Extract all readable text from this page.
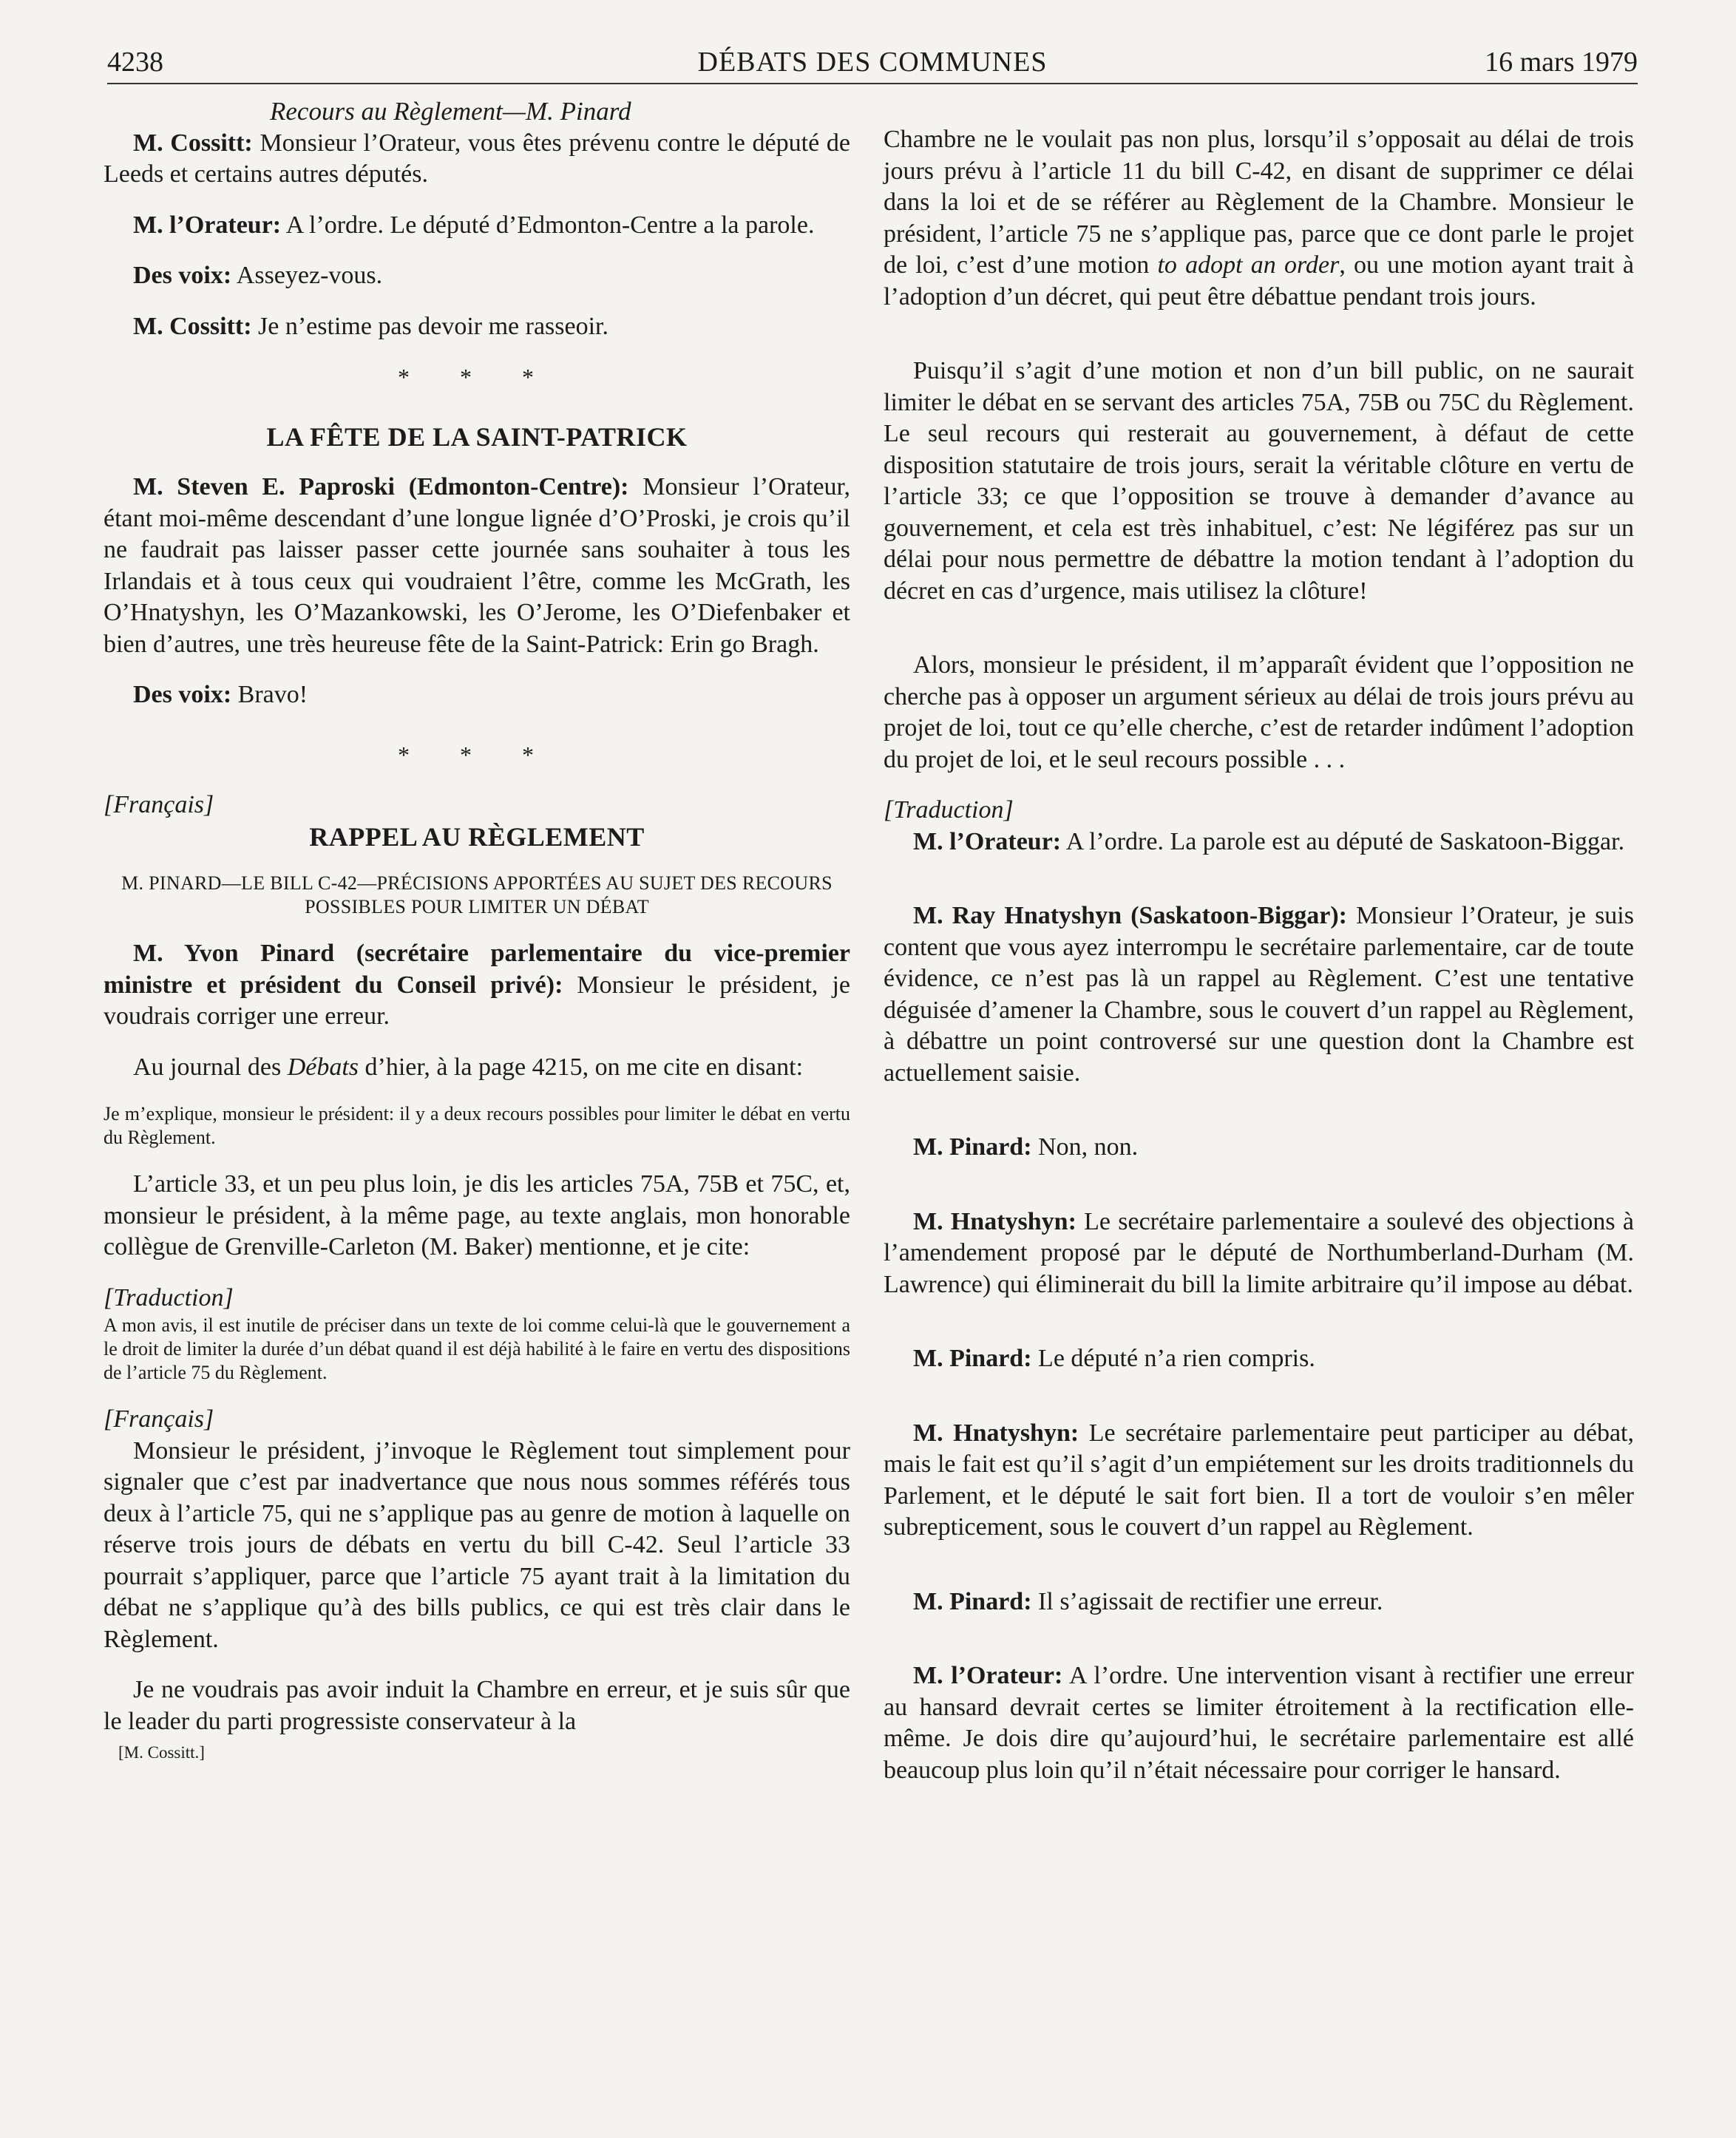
4238	DÉBATS DES COMMUNES	16 mars 1979

Recours au Règlement—M. Pinard

M. Cossitt: Monsieur l’Orateur, vous êtes prévenu contre le député de Leeds et certains autres députés.

M. l’Orateur: A l’ordre. Le député d’Edmonton-Centre a la parole.

Des voix: Asseyez-vous.

M. Cossitt: Je n’estime pas devoir me rasseoir.

* * *

LA FÊTE DE LA SAINT-PATRICK

M. Steven E. Paproski (Edmonton-Centre): Monsieur l’Orateur, étant moi-même descendant d’une longue lignée d’O’Proski, je crois qu’il ne faudrait pas laisser passer cette journée sans souhaiter à tous les Irlandais et à tous ceux qui voudraient l’être, comme les McGrath, les O’Hnatyshyn, les O’Mazankowski, les O’Jerome, les O’Diefenbaker et bien d’autres, une très heureuse fête de la Saint-Patrick: Erin go Bragh.

Des voix: Bravo!

* * *

[Français]

RAPPEL AU RÈGLEMENT

M. PINARD—LE BILL C-42—PRÉCISIONS APPORTÉES AU SUJET DES RECOURS POSSIBLES POUR LIMITER UN DÉBAT

M. Yvon Pinard (secrétaire parlementaire du vice-premier ministre et président du Conseil privé): Monsieur le président, je voudrais corriger une erreur.

Au journal des Débats d’hier, à la page 4215, on me cite en disant:

Je m’explique, monsieur le président: il y a deux recours possibles pour limiter le débat en vertu du Règlement.

L’article 33, et un peu plus loin, je dis les articles 75A, 75B et 75C, et, monsieur le président, à la même page, au texte anglais, mon honorable collègue de Grenville-Carleton (M. Baker) mentionne, et je cite:

[Traduction]

A mon avis, il est inutile de préciser dans un texte de loi comme celui-là que le gouvernement a le droit de limiter la durée d’un débat quand il est déjà habilité à le faire en vertu des dispositions de l’article 75 du Règlement.

[Français]

Monsieur le président, j’invoque le Règlement tout simplement pour signaler que c’est par inadvertance que nous nous sommes référés tous deux à l’article 75, qui ne s’applique pas au genre de motion à laquelle on réserve trois jours de débats en vertu du bill C-42. Seul l’article 33 pourrait s’appliquer, parce que l’article 75 ayant trait à la limitation du débat ne s’applique qu’à des bills publics, ce qui est très clair dans le Règlement.

Je ne voudrais pas avoir induit la Chambre en erreur, et je suis sûr que le leader du parti progressiste conservateur à la

[M. Cossitt.]

Chambre ne le voulait pas non plus, lorsqu’il s’opposait au délai de trois jours prévu à l’article 11 du bill C-42, en disant de supprimer ce délai dans la loi et de se référer au Règlement de la Chambre. Monsieur le président, l’article 75 ne s’applique pas, parce que ce dont parle le projet de loi, c’est d’une motion to adopt an order, ou une motion ayant trait à l’adoption d’un décret, qui peut être débattue pendant trois jours.

Puisqu’il s’agit d’une motion et non d’un bill public, on ne saurait limiter le débat en se servant des articles 75A, 75B ou 75C du Règlement. Le seul recours qui resterait au gouvernement, à défaut de cette disposition statutaire de trois jours, serait la véritable clôture en vertu de l’article 33; ce que l’opposition se trouve à demander d’avance au gouvernement, et cela est très inhabituel, c’est: Ne légiférez pas sur un délai pour nous permettre de débattre la motion tendant à l’adoption du décret en cas d’urgence, mais utilisez la clôture!

Alors, monsieur le président, il m’apparaît évident que l’opposition ne cherche pas à opposer un argument sérieux au délai de trois jours prévu au projet de loi, tout ce qu’elle cherche, c’est de retarder indûment l’adoption du projet de loi, et le seul recours possible . . .

[Traduction]

M. l’Orateur: A l’ordre. La parole est au député de Saskatoon-Biggar.

M. Ray Hnatyshyn (Saskatoon-Biggar): Monsieur l’Orateur, je suis content que vous ayez interrompu le secrétaire parlementaire, car de toute évidence, ce n’est pas là un rappel au Règlement. C’est une tentative déguisée d’amener la Chambre, sous le couvert d’un rappel au Règlement, à débattre un point controversé sur une question dont la Chambre est actuellement saisie.

M. Pinard: Non, non.

M. Hnatyshyn: Le secrétaire parlementaire a soulevé des objections à l’amendement proposé par le député de Northumberland-Durham (M. Lawrence) qui éliminerait du bill la limite arbitraire qu’il impose au débat.

M. Pinard: Le député n’a rien compris.

M. Hnatyshyn: Le secrétaire parlementaire peut participer au débat, mais le fait est qu’il s’agit d’un empiétement sur les droits traditionnels du Parlement, et le député le sait fort bien. Il a tort de vouloir s’en mêler subrepticement, sous le couvert d’un rappel au Règlement.

M. Pinard: Il s’agissait de rectifier une erreur.

M. l’Orateur: A l’ordre. Une intervention visant à rectifier une erreur au hansard devrait certes se limiter étroitement à la rectification elle-même. Je dois dire qu’aujourd’hui, le secrétaire parlementaire est allé beaucoup plus loin qu’il n’était nécessaire pour corriger le hansard.
